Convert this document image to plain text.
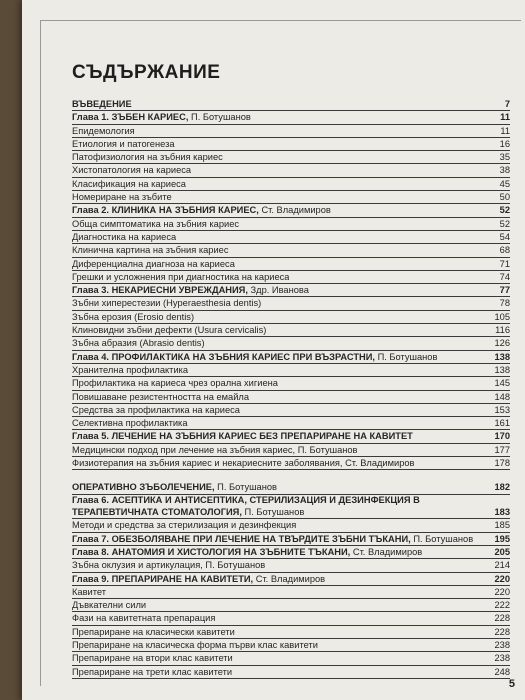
СЪДЪРЖАНИЕ
ВЪВЕДЕНИЕ	7
Глава 1. ЗЪБЕН КАРИЕС, П. Ботушанов	11
Епидемология	11
Етиология и патогенеза	16
Патофизиология на зъбния кариес	35
Хистопатология на кариеса	38
Класификация на кариеса	45
Номериране на зъбите	50
Глава 2. КЛИНИКА НА ЗЪБНИЯ КАРИЕС, Ст. Владимиров	52
Обща симптоматика на зъбния кариес	52
Диагностика на кариеса	54
Клинична картина на зъбния кариес	68
Диференциална диагноза на кариеса	71
Грешки и усложнения при диагностика на кариеса	74
Глава 3. НЕКАРИЕСНИ УВРЕЖДАНИЯ, Здр. Иванова	77
Зъбни хиперестезии (Hyperaesthesia dentis)	78
Зъбна ерозия (Erosio dentis)	105
Клиновидни зъбни дефекти (Usura cervicalis)	116
Зъбна абразия (Abrasio dentis)	126
Глава 4. ПРОФИЛАКТИКА НА ЗЪБНИЯ КАРИЕС ПРИ ВЪЗРАСТНИ, П. Ботушанов	138
Хранителна профилактика	138
Профилактика на кариеса чрез орална хигиена	145
Повишаване резистентността на емайла	148
Средства за профилактика на кариеса	153
Селективна профилактика	161
Глава 5. ЛЕЧЕНИЕ НА ЗЪБНИЯ КАРИЕС БЕЗ ПРЕПАРИРАНЕ НА КАВИТЕТ	170
Медицински подход при лечение на зъбния кариес, П. Ботушанов	177
Физиотерапия на зъбния кариес и некариесните заболявания, Ст. Владимиров	178
ОПЕРАТИВНО ЗЪБОЛЕЧЕНИЕ, П. Ботушанов	182
Глава 6. АСЕПТИКА И АНТИСЕПТИКА, СТЕРИЛИЗАЦИЯ И ДЕЗИНФЕКЦИЯ В
ТЕРАПЕВТИЧНАТА СТОМАТОЛОГИЯ, П. Ботушанов	183
Методи и средства за стерилизация и дезинфекция	185
Глава 7. ОБЕЗБОЛЯВАНЕ ПРИ ЛЕЧЕНИЕ НА ТВЪРДИТЕ ЗЪБНИ ТЪКАНИ, П. Ботушанов 195
Глава 8. АНАТОМИЯ И ХИСТОЛОГИЯ НА ЗЪБНИТЕ ТЪКАНИ, Ст. Владимиров	205
Зъбна оклузия и артикулация, П. Ботушанов	214
Глава 9. ПРЕПАРИРАНЕ НА КАВИТЕТИ, Ст. Владимиров	220
Кавитет	220
Дъвкателни сили	222
Фази на кавитетната препарация	228
Препариране на класически кавитети	228
Препариране на класическа форма първи клас кавитети	238
Препариране на втори клас кавитети	238
Препариране на трети клас кавитети	248
5
